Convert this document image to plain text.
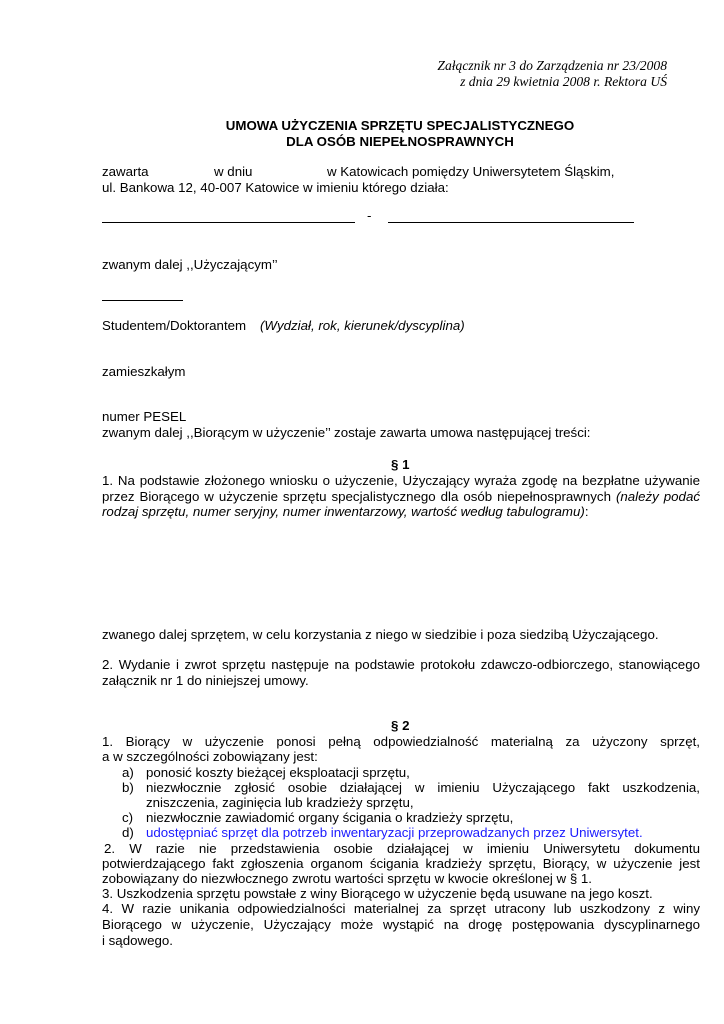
Załącznik nr 3 do Zarządzenia nr 23/2008
z dnia 29 kwietnia 2008 r. Rektora UŚ
UMOWA UŻYCZENIA SPRZĘTU SPECJALISTYCZNEGO
DLA OSÓB NIEPEŁNOSPRAWNYCH
zawarta	w dniu	w Katowicach pomiędzy Uniwersytetem Śląskim,
ul. Bankowa 12, 40-007 Katowice w imieniu którego działa:
-
zwanym dalej ,,Użyczającym’’
Studentem/Doktorantem (Wydział, rok, kierunek/dyscyplina)
zamieszkałym
numer PESEL
zwanym dalej ,,Biorącym w użyczenie’’ zostaje zawarta umowa następującej treści:
§ 1
1. Na podstawie złożonego wniosku o użyczenie, Użyczający wyraża zgodę na bezpłatne używanie
przez Biorącego w użyczenie sprzętu specjalistycznego dla osób niepełnosprawnych (należy podać
rodzaj sprzętu, numer seryjny, numer inwentarzowy, wartość według tabulogramu):
zwanego dalej sprzętem, w celu korzystania z niego w siedzibie i poza siedzibą Użyczającego.
2. Wydanie i zwrot sprzętu następuje na podstawie protokołu zdawczo-odbiorczego, stanowiącego
załącznik nr 1 do niniejszej umowy.
§ 2
1. Biorący w użyczenie ponosi pełną odpowiedzialność materialną za użyczony sprzęt,
a w szczególności zobowiązany jest:
a) ponosić koszty bieżącej eksploatacji sprzętu,
b) niezwłocznie zgłosić osobie działającej w imieniu Użyczającego fakt uszkodzenia,
zniszczenia, zaginięcia lub kradzieży sprzętu,
c) niezwłocznie zawiadomić organy ścigania o kradzieży sprzętu,
d) udostępniać sprzęt dla potrzeb inwentaryzacji przeprowadzanych przez Uniwersytet.
2. W razie nie przedstawienia osobie działającej w imieniu Uniwersytetu dokumentu
potwierdzającego fakt zgłoszenia organom ścigania kradzieży sprzętu, Biorący, w użyczenie jest
zobowiązany do niezwłocznego zwrotu wartości sprzętu w kwocie określonej w § 1.
3. Uszkodzenia sprzętu powstałe z winy Biorącego w użyczenie będą usuwane na jego koszt.
4. W razie unikania odpowiedzialności materialnej za sprzęt utracony lub uszkodzony z winy
Biorącego w użyczenie, Użyczający może wystąpić na drogę postępowania dyscyplinarnego
i sądowego.
